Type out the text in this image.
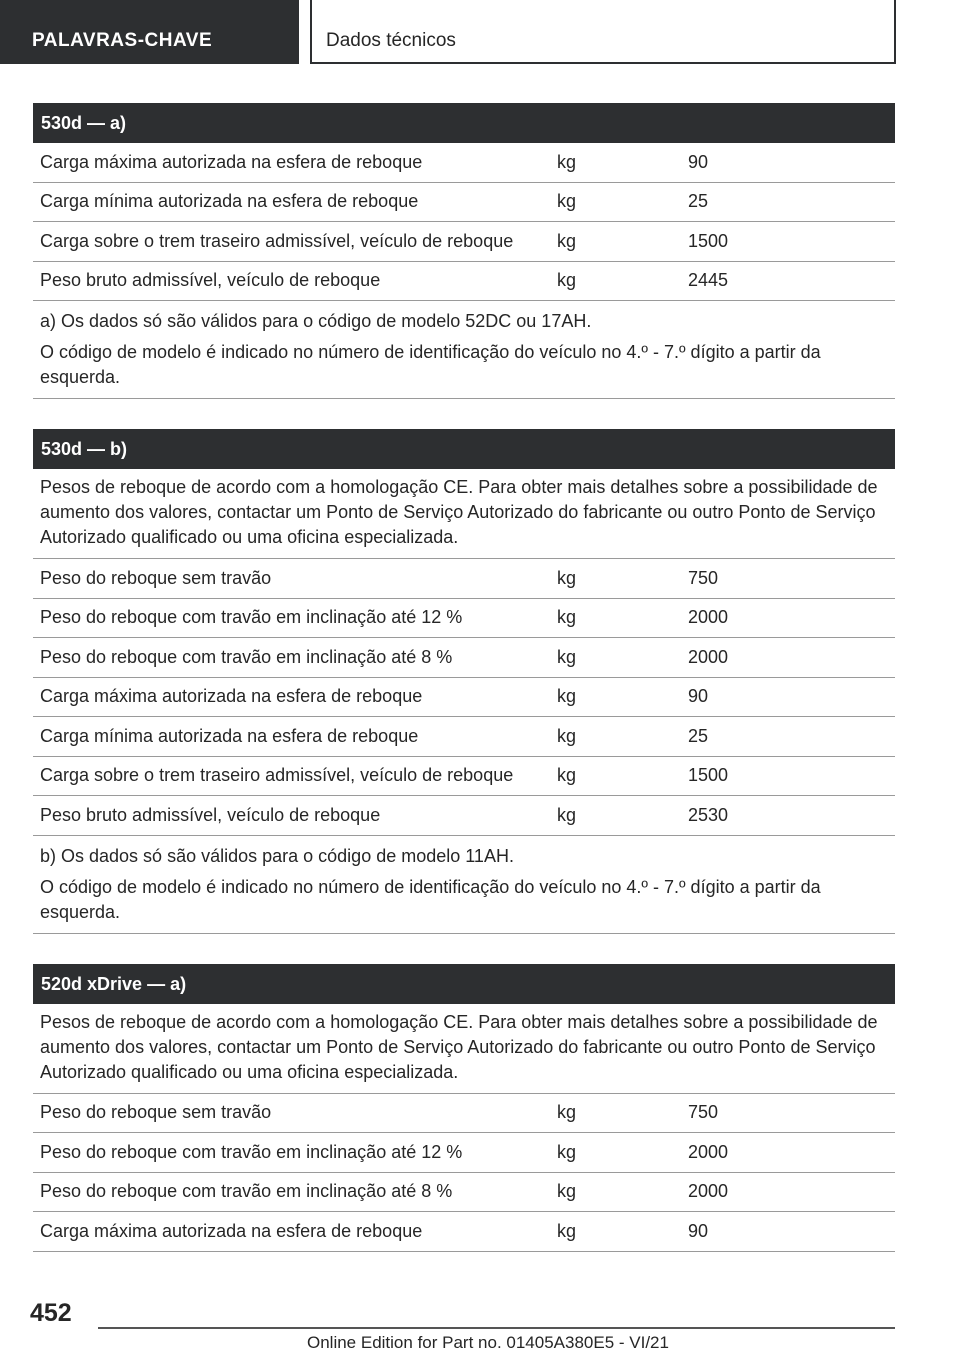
PALAVRAS-CHAVE	Dados técnicos
530d — a)
Carga máxima autorizada na esfera de reboque	kg	90
Carga mínima autorizada na esfera de reboque	kg	25
Carga sobre o trem traseiro admissível, veículo de reboque	kg	1500
Peso bruto admissível, veículo de reboque	kg	2445

a) Os dados só são válidos para o código de modelo 52DC ou 17AH.

O código de modelo é indicado no número de identificação do veículo no 4.º - 7.º dígito a partir da esquerda.

530d — b)
Pesos de reboque de acordo com a homologação CE. Para obter mais detalhes sobre a possibilidade de aumento dos valores, contactar um Ponto de Serviço Autorizado do fabricante ou outro Ponto de Serviço Autorizado qualificado ou uma oficina especializada.
Peso do reboque sem travão	kg	750
Peso do reboque com travão em inclinação até 12 %	kg	2000
Peso do reboque com travão em inclinação até 8 %	kg	2000
Carga máxima autorizada na esfera de reboque	kg	90
Carga mínima autorizada na esfera de reboque	kg	25
Carga sobre o trem traseiro admissível, veículo de reboque	kg	1500
Peso bruto admissível, veículo de reboque	kg	2530

b) Os dados só são válidos para o código de modelo 11AH.

O código de modelo é indicado no número de identificação do veículo no 4.º - 7.º dígito a partir da esquerda.

520d xDrive — a)
Pesos de reboque de acordo com a homologação CE. Para obter mais detalhes sobre a possibilidade de aumento dos valores, contactar um Ponto de Serviço Autorizado do fabricante ou outro Ponto de Serviço Autorizado qualificado ou uma oficina especializada.
Peso do reboque sem travão	kg	750
Peso do reboque com travão em inclinação até 12 %	kg	2000
Peso do reboque com travão em inclinação até 8 %	kg	2000
Carga máxima autorizada na esfera de reboque	kg	90
452
Online Edition for Part no. 01405A380E5 - VI/21
